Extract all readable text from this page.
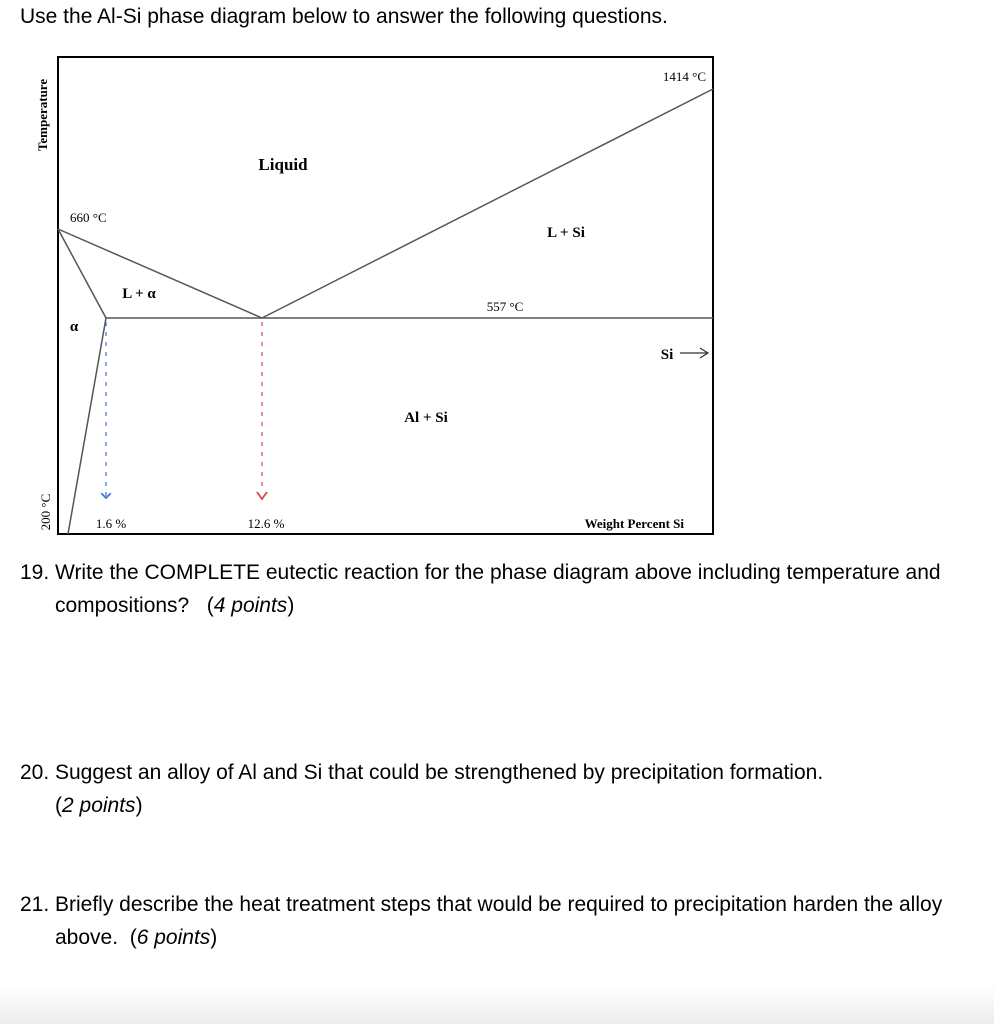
Use the Al-Si phase diagram below to answer the following questions.
Temperature
200 °C
1414 °C
Liquid
660 °C
L + Si
L + α
557 °C
α
Si
Al + Si
1.6 %	12.6 %	Weight Percent Si
19. Write the COMPLETE eutectic reaction for the phase diagram above including temperature and compositions? (4 points)
20. Suggest an alloy of Al and Si that could be strengthened by precipitation formation.
(2 points)
21. Briefly describe the heat treatment steps that would be required to precipitation harden the alloy above. (6 points)
